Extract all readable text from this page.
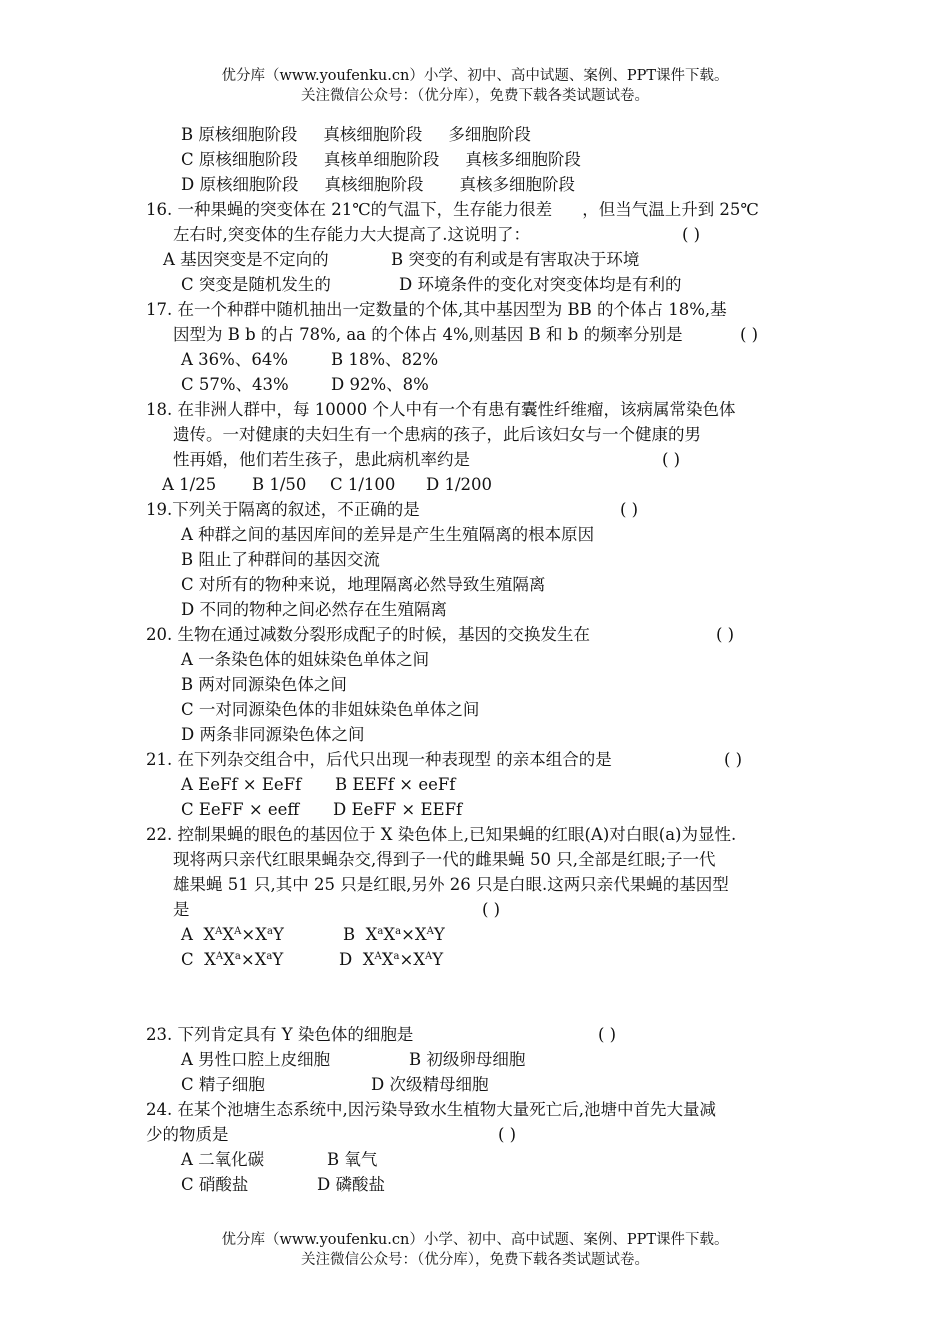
优分库（www.youfenku.cn）小学、初中、高中试题、案例、PPT课件下载。
关注微信公众号：（优分库），免费下载各类试题试卷。
B 原核细胞阶段 真核细胞阶段 多细胞阶段
C 原核细胞阶段 真核单细胞阶段 真核多细胞阶段
D 原核细胞阶段 真核细胞阶段 真核多细胞阶段
16. 一种果蝇的突变体在 21℃的气温下，生存能力很差 ，但当气温上升到 25℃
左右时,突变体的生存能力大大提高了.这说明了：	( )
A 基因突变是不定向的	B 突变的有利或是有害取决于环境
C 突变是随机发生的	D 环境条件的变化对突变体均是有利的
17. 在一个种群中随机抽出一定数量的个体,其中基因型为 BB 的个体占 18%,基
因型为 B b 的占 78%, aa 的个体占 4%,则基因 B 和 b 的频率分别是	( )
A 36%、64%	B 18%、82%
C 57%、43%	D 92%、8%
18. 在非洲人群中，每 10000 个人中有一个有患有囊性纤维瘤，该病属常染色体
遗传。一对健康的夫妇生有一个患病的孩子，此后该妇女与一个健康的男
性再婚，他们若生孩子，患此病机率约是	( )
A 1/25 B 1/50 C 1/100 D 1/200
19.下列关于隔离的叙述，不正确的是	( )
A 种群之间的基因库间的差异是产生生殖隔离的根本原因
B 阻止了种群间的基因交流
C 对所有的物种来说，地理隔离必然导致生殖隔离
D 不同的物种之间必然存在生殖隔离
20. 生物在通过减数分裂形成配子的时候，基因的交换发生在	( )
A 一条染色体的姐妹染色单体之间
B 两对同源染色体之间
C 一对同源染色体的非姐妹染色单体之间
D 两条非同源染色体之间
21. 在下列杂交组合中，后代只出现一种表现型 的亲本组合的是	( )
A EeFf × EeFf B EEFf × eeFf
C EeFF × eeff D EeFF × EEFf
22. 控制果蝇的眼色的基因位于 X 染色体上,已知果蝇的红眼(A)对白眼(a)为显性.
现将两只亲代红眼果蝇杂交,得到子一代的雌果蝇 50 只,全部是红眼;子一代
雄果蝇 51 只,其中 25 只是红眼,另外 26 只是白眼.这两只亲代果蝇的基因型
是	( )
A $X^AX^A\times X^aY$	B $X^aX^a\times X^AY$
C $X^AX^a\times X^aY$	D $X^AX^a\times X^AY$
23. 下列肯定具有 Y 染色体的细胞是	( )
A 男性口腔上皮细胞	B 初级卵母细胞
C 精子细胞	D 次级精母细胞
24. 在某个池塘生态系统中,因污染导致水生植物大量死亡后,池塘中首先大量减
少的物质是	( )
A 二氧化碳	B 氧气
C 硝酸盐	D 磷酸盐
优分库（www.youfenku.cn）小学、初中、高中试题、案例、PPT课件下载。
关注微信公众号：（优分库），免费下载各类试题试卷。
